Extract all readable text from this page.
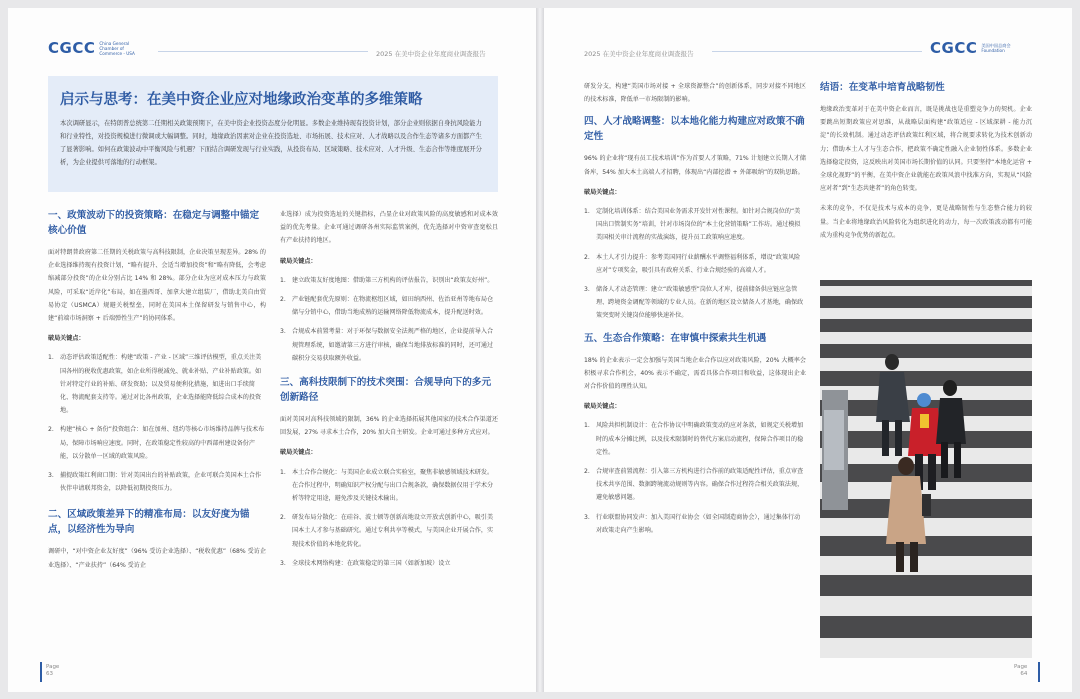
CGCC China General Chamber of Commerce - USA	2025 在美中资企业年度商业调查报告
启示与思考：在美中资企业应对地缘政治变革的多维策略

本次调研显示，在特朗普总统第二任期相关政策预期下，在美中资企业投资态度分化明显。多数企业维持现有投资计划，部分企业则依据自身抗风险能力和行业特性，对投资规模进行微调或大幅调整。同时，地缘政治因素对企业在投资选址、市场拓展、技术应对、人才战略以及合作生态等诸多方面都产生了显著影响。如何在政策波动中平衡风险与机遇？下面结合调研发现与行业实践，从投资布局、区域策略、技术应对、人才升级、生态合作等维度展开分析，为企业提供可落地的行动框架。

一、政策波动下的投资策略：在稳定与调整中锚定核心价值

面对特朗普政府第二任期的关税政策与高科技限制，企业决策呈现差异。28% 的企业选择维持现有投资计划，“略有提升、会适当增加投资”和“略有降低，会考虑缩减部分投资”的企业分别占比 14% 和 28%。部分企业为应对成本压力与政策风险，可采取“近岸化”布局，如在墨西哥、加拿大建立组装厂，借助北美自由贸易协定（USMCA）规避关税壁垒，同时在美国本土保留研发与销售中心，构建“前端市场洞察 + 后端弹性生产”的协同体系。

破局关键点：
1. 动态评估政策适配性：构建“政策 - 产业 - 区域”三维评估模型，重点关注美国各州的税收优惠政策，如企业所得税减免、就业补贴、产业补贴政策。如针对特定行业的补贴、研发资助；以及贸易便利化措施，如进出口手续简化、物流配套支持等。通过对比各州政策，企业选择能降低综合成本的投资地。
2. 构建“核心 + 备份”投资组合：如在加州、纽约等核心市场维持品牌与技术布局，保障市场响应速度。同时，在政策稳定性较高的中西部州建设备份产能，以分散单一区域的政策风险。
3. 捕捉政策红利窗口期：针对美国出台的补贴政策，企业可联合美国本土合作伙伴申请联邦资金，以降低初期投资压力。
二、区域政策差异下的精准布局：以友好度为锚点，以经济性为导向

调研中，“对中资企业友好度”（96% 受访企业选择）、“税收优惠”（68% 受访企业选择）、“产业扶持”（64% 受访企

业选择）成为投资选址的关键指标，凸显企业对政策风险的高度敏感和对成本效益的优先考量。企业可通过调研各州实际监管案例，优先选择对中资审查宽松且有产业扶持的地区。

破局关键点：
1. 建立政策友好度地图：借助第三方机构的评估报告，识别出“政策友好州”。
2. 产业链配套优先原则：在物流枢纽区域，如田纳西州、佐治亚州等地布局仓储与分销中心，借助当地成熟的运输网络降低物流成本，提升配送时效。
3. 合规成本前置考量：对于环保与数据安全法规严格的地区，企业提前导入合规管理系统，如邀请第三方进行审核，确保当地排放标准的同时，还可通过碳积分交易获取额外收益。
三、高科技限制下的技术突围：合规导向下的多元创新路径

面对美国对高科技领域的限制，36% 的企业选择拓展其他国家的技术合作渠道还回发展，27% 寻求本土合作，20% 加大自主研发。企业可通过多种方式应对。

破局关键点：
1. 本土合作合规化：与美国企业成立联合实验室，聚焦非敏感领域技术研发。在合作过程中，明确知识产权分配与出口合规条款，确保数据仅用于学术分析等特定用途，避免涉及关键技术输出。
2. 研发布局分散化：在硅谷、波士顿等创新高地设立开放式创新中心，吸引美国本土人才参与基础研究。通过专利共享等模式，与美国企业开展合作，实现技术价值的本地化转化。
3. 全球技术网络构建：在政策稳定的第三国（如新加坡）设立
Page
63
2025 在美中资企业年度商业调查报告	CGCC 美国中国总商会 Foundation

研发分支，构建“美国市场对接 + 全球资源整合”的创新体系，同步对接不同地区的技术标准，降低单一市场限制的影响。

四、人才战略调整：以本地化能力构建应对政策不确定性

96% 的企业将“现有员工技术培训”作为首要人才策略，71% 计划建立长期人才储备库，54% 加大本土高端人才招聘，体现出“内部挖潜 + 外部吸纳”的双轨思路。

破局关键点：
1. 定制化培训体系：结合美国业务需求开发针对性课程。如针对合规岗位的“美国出口管制实务”培训，针对市场岗位的“本土化营销策略”工作坊。通过模拟美国相关审计流程的实战演练，提升员工政策响应速度。
2. 本土人才引力提升：参考美国同行业薪酬水平调整福利体系，增设“政策风险应对”专项奖金，吸引具有政府关系、行业合规经验的高端人才。
3. 储备人才动态管理：建立“政策敏感型”岗位人才库，提前储备供应链应急管理、跨境资金调配等领域的专业人员。在新的地区设立储备人才基地，确保政策突变时关键岗位能够快速补位。
五、生态合作策略：在审慎中探索共生机遇

18% 的企业表示一定会加强与美国当地企业合作以应对政策风险，20% 大概率会积极寻求合作机会，40% 表示不确定，需看具体合作项目和收益，这体现出企业对合作价值的理性认知。

破局关键点：
1. 风险共担机制设计：在合作协议中明确政策变动的应对条款，如规定关税增加时的成本分摊比例，以及技术限制时的替代方案启动流程，保障合作项目的稳定性。
2. 合规审查前置流程：引入第三方机构进行合作前的政策适配性评估，重点审查技术共享范围、数据跨境流动规则等内容。确保合作过程符合相关政策法规，避免敏感问题。
3. 行业联盟协同发声：加入美国行业协会（如全国制造商协会），通过集体行动对政策走向产生影响。
结语：在变革中培育战略韧性

地缘政治变革对于在美中资企业而言，既是挑战也是重塑竞争力的契机。企业要跳出短期政策应对思维，从战略层面构建“政策适应 - 区域深耕 - 能力沉淀”的长效机制。通过动态评估政策红利区域，将合规要求转化为技术创新动力；借助本土人才与生态合作，把政策不确定性融入企业韧性体系。多数企业选择稳定投资，这反映出对美国市场长期价值的认同。只要坚持“本地化运营 + 全球化视野”的平衡，在美中资企业就能在政策风浪中找准方向，实现从“风险应对者”到“生态共建者”的角色转变。

未来的竞争，不仅是技术与成本的竞争，更是战略韧性与生态整合能力的较量。当企业将地缘政治风险转化为组织进化的动力，每一次政策波动都有可能成为重构竞争优势的新起点。

Page
64
